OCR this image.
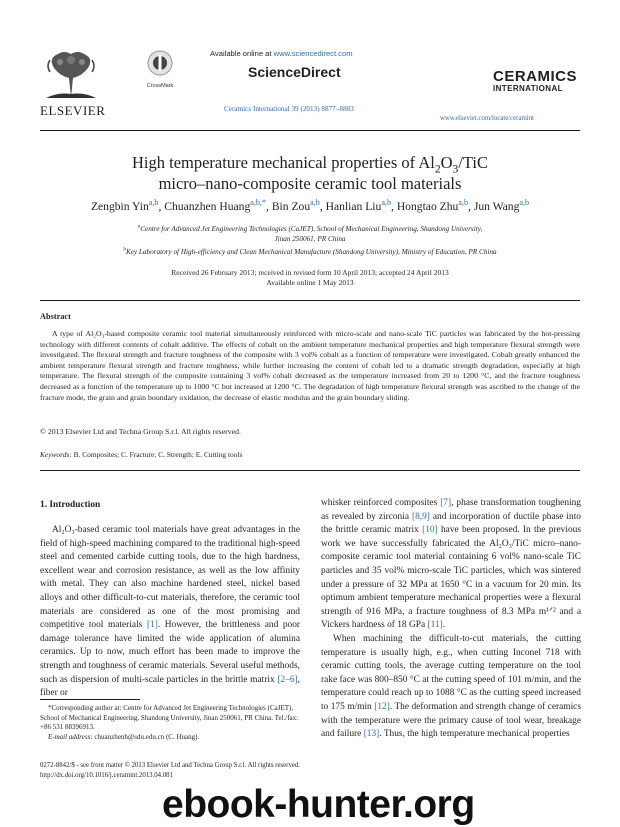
ELSEVIER
CrossMark
Available online at www.sciencedirect.com
ScienceDirect
Ceramics International 39 (2013) 8877–8883
CERAMICS
INTERNATIONAL
www.elsevier.com/locate/ceramint
High temperature mechanical properties of $Al_2O_3$/TiC
micro–nano-composite ceramic tool materials
Zengbin Yin$^{a,b}$, Chuanzhen Huang$^{a,b,*}$, Bin Zou$^{a,b}$, Hanlian Liu$^{a,b}$, Hongtao Zhu$^{a,b}$, Jun Wang$^{a,b}$
$^a$Centre for Advanced Jet Engineering Technologies (CaJET), School of Mechanical Engineering, Shandong University,
Jinan 250061, PR China
$^b$Key Laboratory of High-efficiency and Clean Mechanical Manufacture (Shandong University), Ministry of Education, PR China
Received 26 February 2013; received in revised form 10 April 2013; accepted 24 April 2013
Available online 1 May 2013
Abstract
A type of Al₂O₃-based composite ceramic tool material simultaneously reinforced with micro-scale and nano-scale TiC particles was fabricated by the hot-pressing technology with different contents of cobalt additive. The effects of cobalt on the ambient temperature mechanical properties and high temperature flexural strength were investigated. The flexural strength and fracture toughness of the composite with 3 vol% cobalt as a function of temperature were investigated. Cobalt greatly enhanced the ambient temperature flexural strength and fracture toughness, while further increasing the content of cobalt led to a dramatic strength degradation, especially at high temperature. The flexural strength of the composite containing 3 vol% cobalt decreased as the temperature increased from 20 to 1200 °C, and the fracture toughness decreased as a function of the temperature up to 1000 °C but increased at 1200 °C. The degradation of high temperature flexural strength was ascribed to the change of the fracture mode, the grain and grain boundary oxidation, the decrease of elastic modulus and the grain boundary sliding.
© 2013 Elsevier Ltd and Techna Group S.r.l. All rights reserved.
Keywords: B. Composites; C. Fracture; C. Strength; E. Cutting tools
1. Introduction

Al₂O₃-based ceramic tool materials have great advantages in the field of high-speed machining compared to the traditional high-speed steel and cemented carbide cutting tools, due to the high hardness, excellent wear and corrosion resistance, as well as the low affinity with metal. They can also machine hardened steel, nickel based alloys and other difficult-to-cut materials, therefore, the ceramic tool materials are considered as one of the most promising and competitive tool materials [1]. However, the brittleness and poor damage tolerance have limited the wide application of alumina ceramics. Up to now, much effort has been made to improve the strength and toughness of ceramic materials. Several useful methods, such as dispersion of multi-scale particles in the brittle matrix [2–6], fiber or

*Corresponding author at: Centre for Advanced Jet Engineering Technologies (CaJET), School of Mechanical Engineering, Shandong University, Jinan 250061, PR China. Tel./fax: +86 531 88396913.
E-mail address: chuanzhenh@sdu.edu.cn (C. Huang).

whisker reinforced composites [7], phase transformation toughening as revealed by zirconia [8,9] and incorporation of ductile phase into the brittle ceramic matrix [10] have been proposed. In the previous work we have successfully fabricated the Al₂O₃/TiC micro–nano-composite ceramic tool material containing 6 vol% nano-scale TiC particles and 35 vol% micro-scale TiC particles, which was sintered under a pressure of 32 MPa at 1650 °C in a vacuum for 20 min. Its optimum ambient temperature mechanical properties were a flexural strength of 916 MPa, a fracture toughness of 8.3 MPa m¹ᐟ² and a Vickers hardness of 18 GPa [11].

When machining the difficult-to-cut materials, the cutting temperature is usually high, e.g., when cutting Inconel 718 with ceramic cutting tools, the average cutting temperature on the tool rake face was 800–850 °C at the cutting speed of 101 m/min, and the temperature could reach up to 1088 °C as the cutting speed increased to 175 m/min [12]. The deformation and strength change of ceramics with the temperature were the primary cause of tool wear, breakage and failure [13]. Thus, the high temperature mechanical properties

0272-8842/$ - see front matter © 2013 Elsevier Ltd and Techna Group S.r.l. All rights reserved.
http://dx.doi.org/10.1016/j.ceramint.2013.04.081
ebook-hunter.org
